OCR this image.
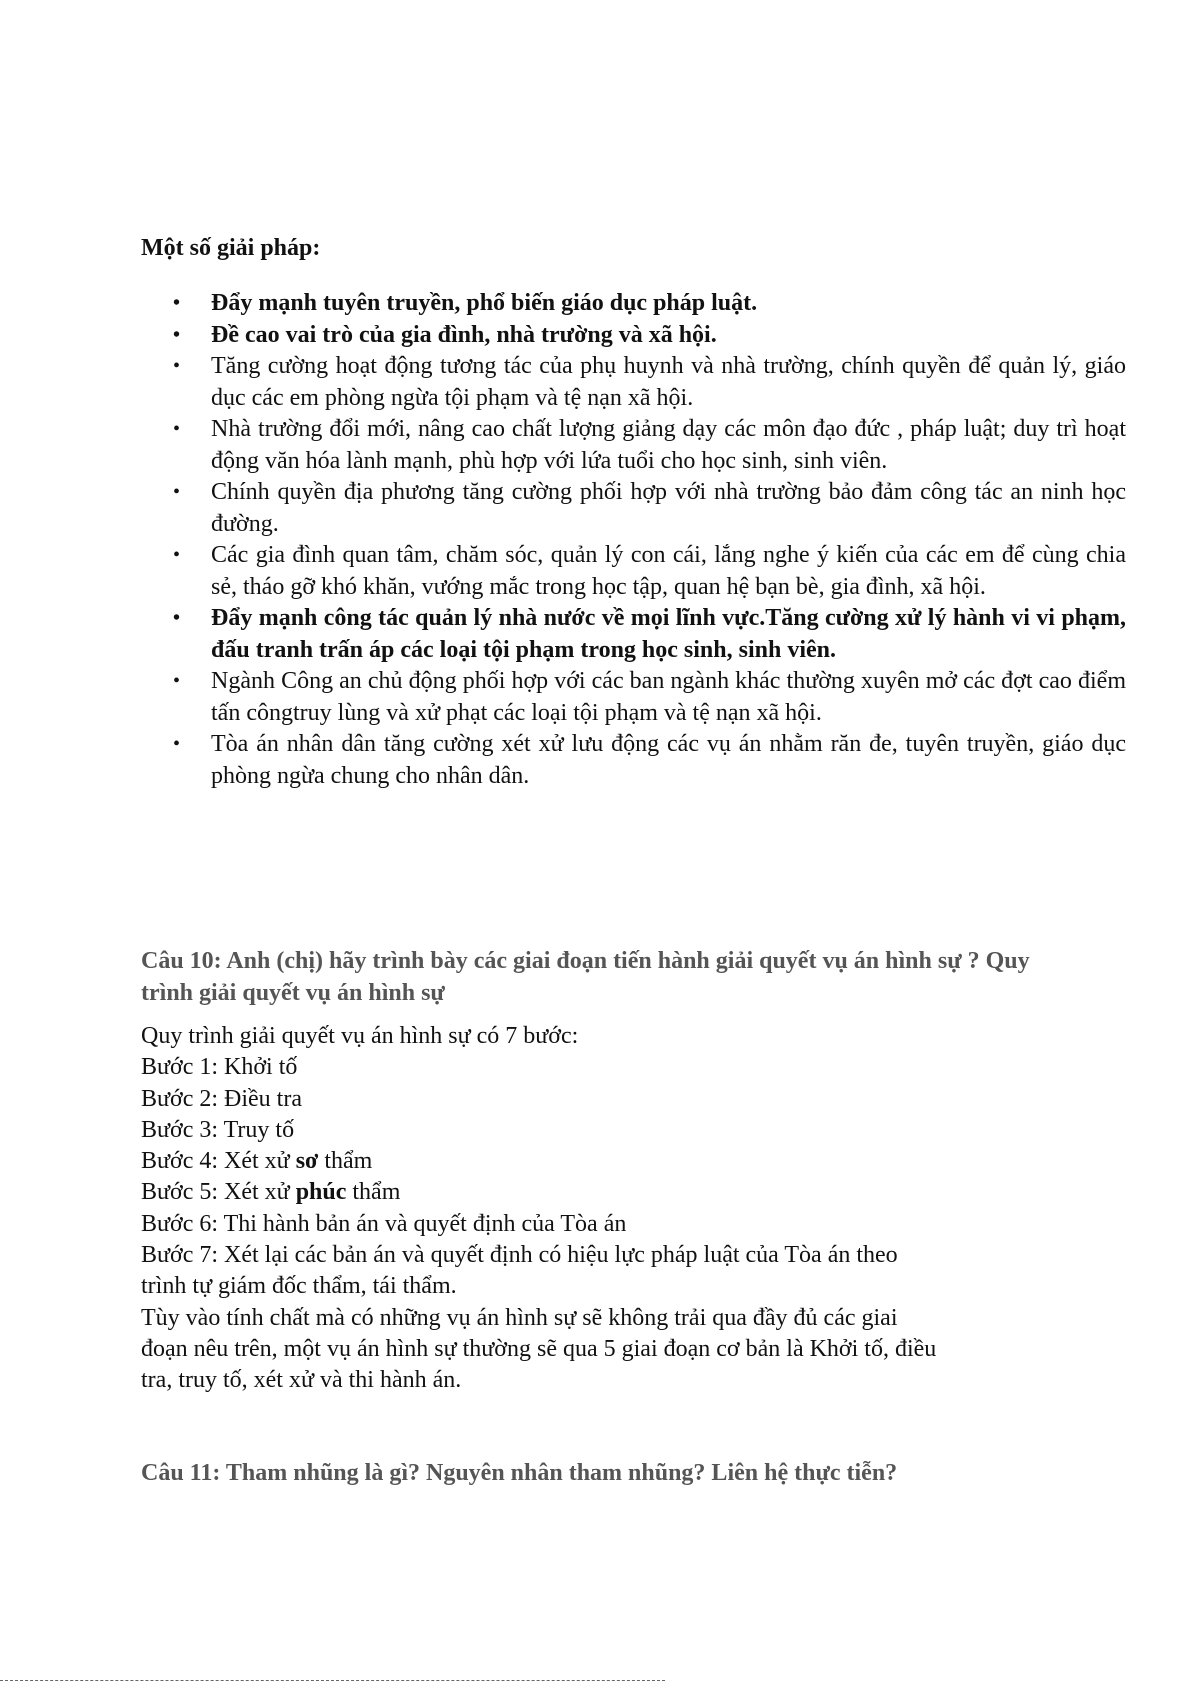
Một số giải pháp:

• Đẩy mạnh tuyên truyền, phổ biến giáo dục pháp luật.
• Đề cao vai trò của gia đình, nhà trường và xã hội.
• Tăng cường hoạt động tương tác của phụ huynh và nhà trường, chính quyền để quản lý, giáo dục các em phòng ngừa tội phạm và tệ nạn xã hội.
• Nhà trường đổi mới, nâng cao chất lượng giảng dạy các môn đạo đức , pháp luật; duy trì hoạt động văn hóa lành mạnh, phù hợp với lứa tuổi cho học sinh, sinh viên.
• Chính quyền địa phương tăng cường phối hợp với nhà trường bảo đảm công tác an ninh học đường.
• Các gia đình quan tâm, chăm sóc, quản lý con cái, lắng nghe ý kiến của các em để cùng chia sẻ, tháo gỡ khó khăn, vướng mắc trong học tập, quan hệ bạn bè, gia đình, xã hội.
• Đẩy mạnh công tác quản lý nhà nước về mọi lĩnh vực.Tăng cường xử lý hành vi vi phạm, đấu tranh trấn áp các loại tội phạm trong học sinh, sinh viên.
• Ngành Công an chủ động phối hợp với các ban ngành khác thường xuyên mở các đợt cao điểm tấn côngtruy lùng và xử phạt các loại tội phạm và tệ nạn xã hội.
• Tòa án nhân dân tăng cường xét xử lưu động các vụ án nhằm răn đe, tuyên truyền, giáo dục phòng ngừa chung cho nhân dân.

Câu 10: Anh (chị) hãy trình bày các giai đoạn tiến hành giải quyết vụ án hình sự ? Quy trình giải quyết vụ án hình sự

Quy trình giải quyết vụ án hình sự có 7 bước:
Bước 1: Khởi tố
Bước 2: Điều tra
Bước 3: Truy tố
Bước 4: Xét xử sơ thẩm
Bước 5: Xét xử phúc thẩm
Bước 6: Thi hành bản án và quyết định của Tòa án
Bước 7: Xét lại các bản án và quyết định có hiệu lực pháp luật của Tòa án theo
trình tự giám đốc thẩm, tái thẩm.
Tùy vào tính chất mà có những vụ án hình sự sẽ không trải qua đầy đủ các giai
đoạn nêu trên, một vụ án hình sự thường sẽ qua 5 giai đoạn cơ bản là Khởi tố, điều
tra, truy tố, xét xử và thi hành án.

Câu 11: Tham nhũng là gì? Nguyên nhân tham nhũng? Liên hệ thực tiễn?
